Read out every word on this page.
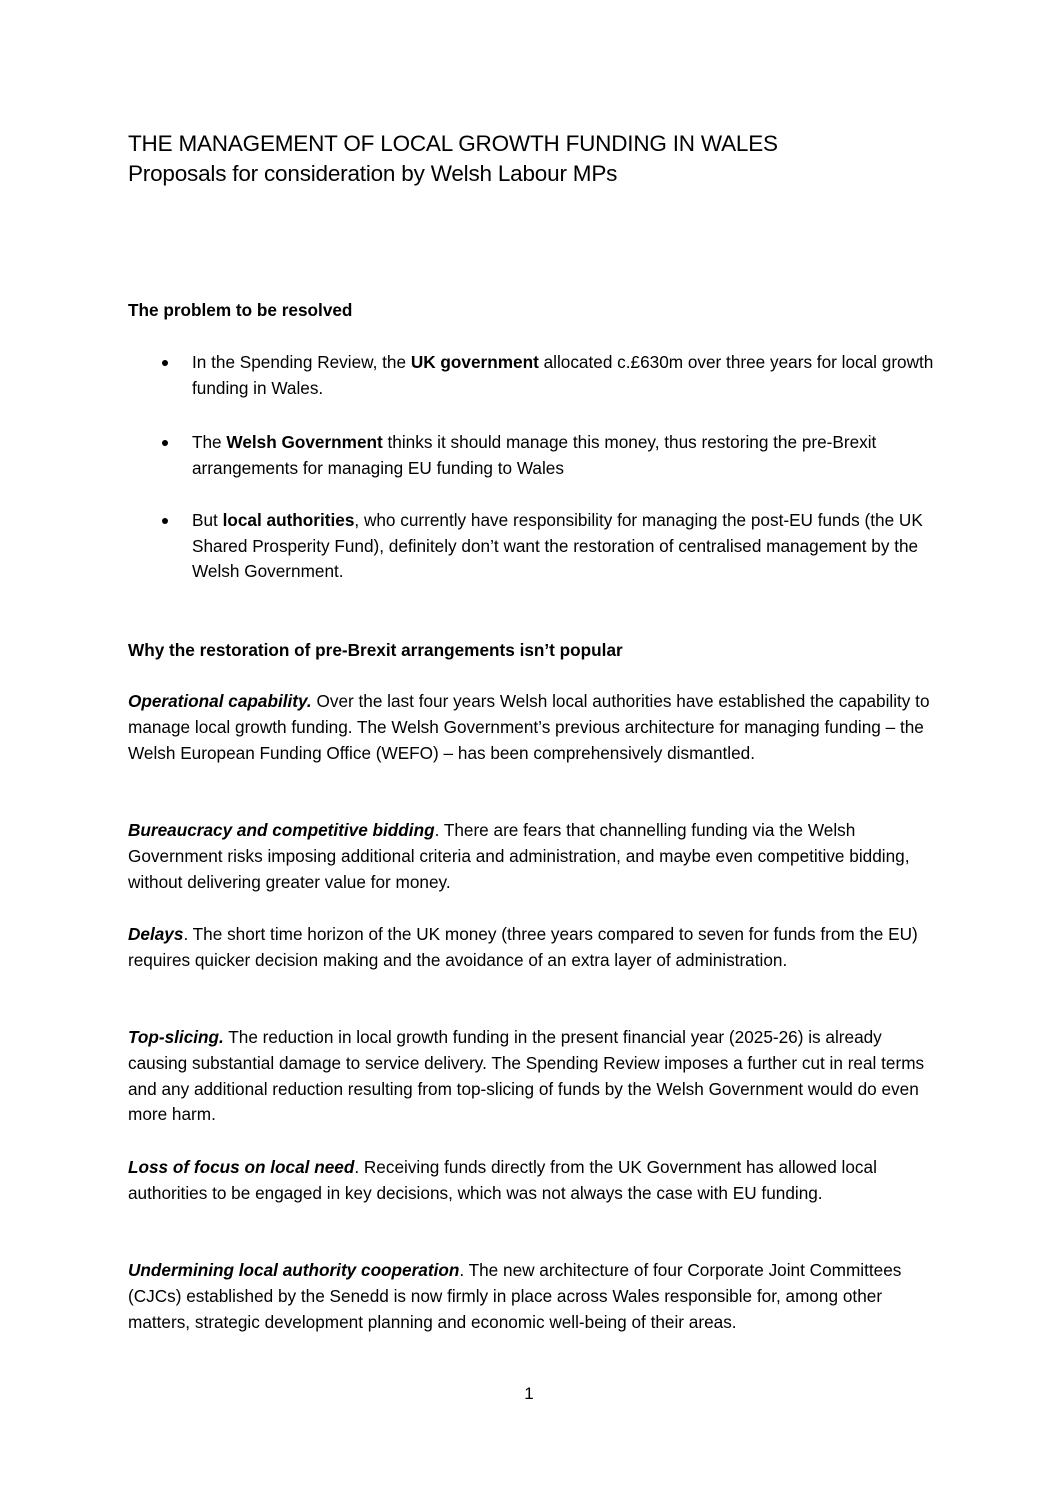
THE MANAGEMENT OF LOCAL GROWTH FUNDING IN WALES
Proposals for consideration by Welsh Labour MPs
The problem to be resolved
In the Spending Review, the UK government allocated c.£630m over three years for local growth funding in Wales.
The Welsh Government thinks it should manage this money, thus restoring the pre-Brexit arrangements for managing EU funding to Wales
But local authorities, who currently have responsibility for managing the post-EU funds (the UK Shared Prosperity Fund), definitely don’t want the restoration of centralised management by the Welsh Government.
Why the restoration of pre-Brexit arrangements isn’t popular
Operational capability. Over the last four years Welsh local authorities have established the capability to manage local growth funding. The Welsh Government’s previous architecture for managing funding – the Welsh European Funding Office (WEFO) – has been comprehensively dismantled.
Bureaucracy and competitive bidding. There are fears that channelling funding via the Welsh Government risks imposing additional criteria and administration, and maybe even competitive bidding, without delivering greater value for money.
Delays. The short time horizon of the UK money (three years compared to seven for funds from the EU) requires quicker decision making and the avoidance of an extra layer of administration.
Top-slicing. The reduction in local growth funding in the present financial year (2025-26) is already causing substantial damage to service delivery. The Spending Review imposes a further cut in real terms and any additional reduction resulting from top-slicing of funds by the Welsh Government would do even more harm.
Loss of focus on local need. Receiving funds directly from the UK Government has allowed local authorities to be engaged in key decisions, which was not always the case with EU funding.
Undermining local authority cooperation. The new architecture of four Corporate Joint Committees (CJCs) established by the Senedd is now firmly in place across Wales responsible for, among other matters, strategic development planning and economic well-being of their areas.
1
